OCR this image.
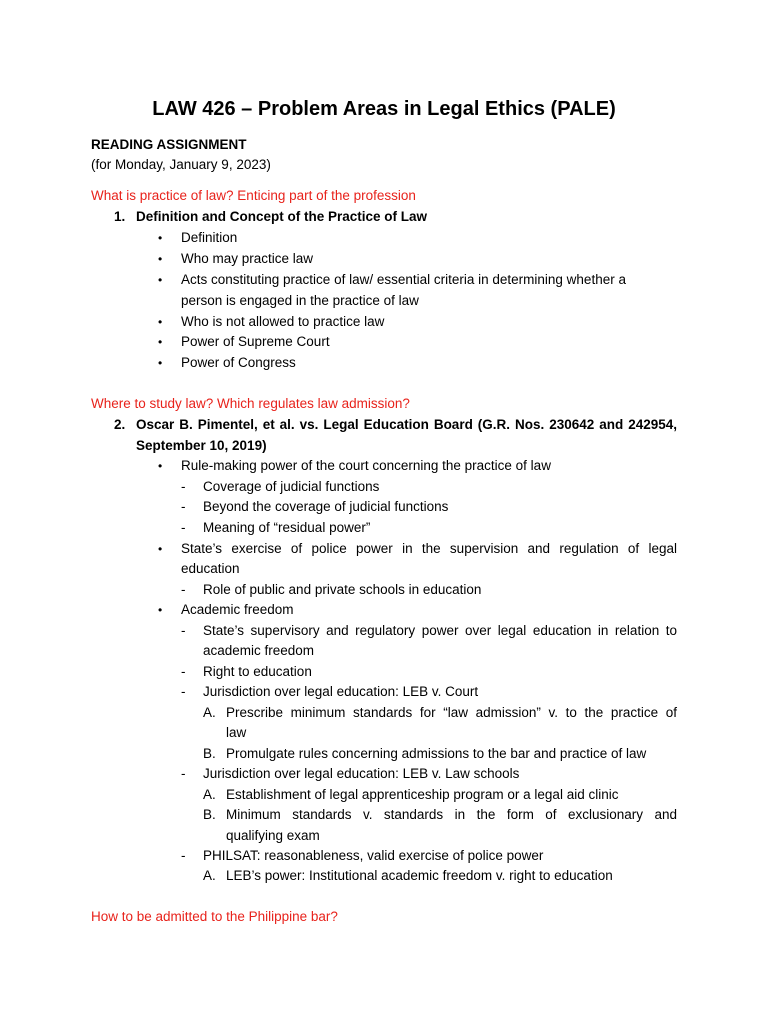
LAW 426 – Problem Areas in Legal Ethics (PALE)
READING ASSIGNMENT
(for Monday, January 9, 2023)
What is practice of law? Enticing part of the profession
1. Definition and Concept of the Practice of Law
• Definition
• Who may practice law
• Acts constituting practice of law/ essential criteria in determining whether a
person is engaged in the practice of law
• Who is not allowed to practice law
• Power of Supreme Court
• Power of Congress
Where to study law? Which regulates law admission?
2. Oscar B. Pimentel, et al. vs. Legal Education Board (G.R. Nos. 230642 and 242954,
September 10, 2019)
• Rule-making power of the court concerning the practice of law
- Coverage of judicial functions
- Beyond the coverage of judicial functions
- Meaning of “residual power”
• State’s exercise of police power in the supervision and regulation of legal
education
- Role of public and private schools in education
• Academic freedom
- State’s supervisory and regulatory power over legal education in relation to
academic freedom
- Right to education
- Jurisdiction over legal education: LEB v. Court
A. Prescribe minimum standards for “law admission” v. to the practice of
law
B. Promulgate rules concerning admissions to the bar and practice of law
- Jurisdiction over legal education: LEB v. Law schools
A. Establishment of legal apprenticeship program or a legal aid clinic
B. Minimum standards v. standards in the form of exclusionary and
qualifying exam
- PHILSAT: reasonableness, valid exercise of police power
A. LEB’s power: Institutional academic freedom v. right to education
How to be admitted to the Philippine bar?
